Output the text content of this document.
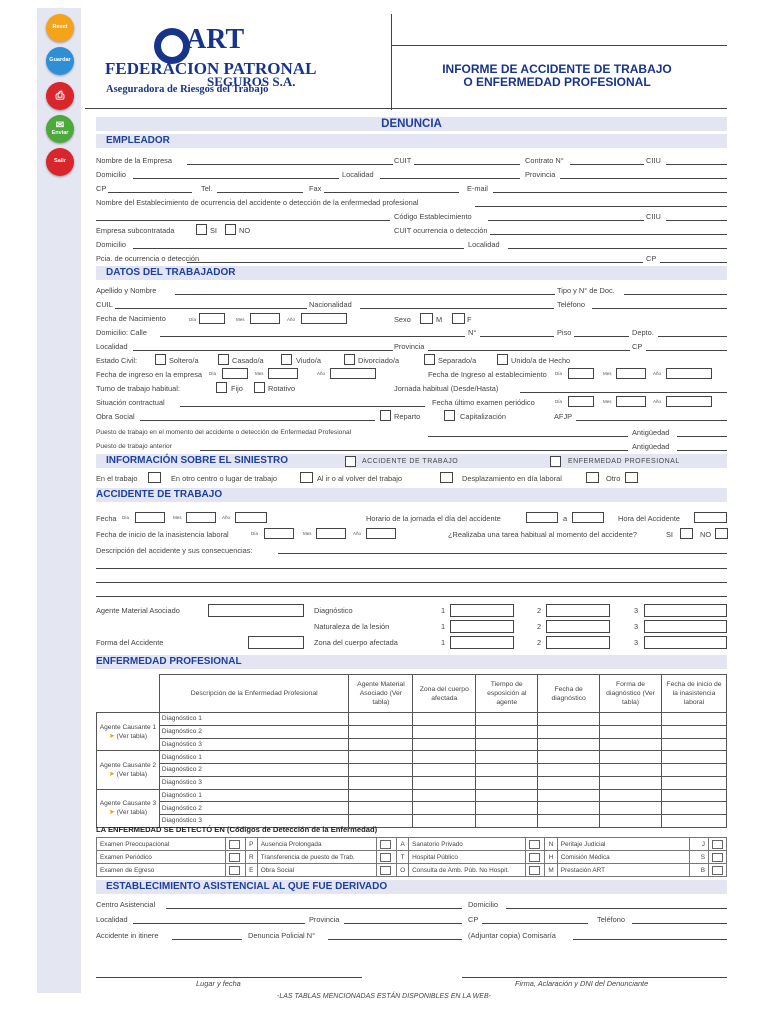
Reset
Guardar
⎙
✉
Enviar
Salir
ART
FEDERACION PATRONAL
SEGUROS S.A.
Aseguradora de Riesgos del Trabajo
INFORME DE ACCIDENTE DE TRABAJO
O ENFERMEDAD PROFESIONAL
DENUNCIA
EMPLEADOR
Nombre de la Empresa	CUIT	Contrato N°	CIIU
Domicilio	Localidad	Provincia
CP	Tel.	Fax	E-mail
Nombre del Establecimiento de ocurrencia del accidente o detección de la enfermedad profesional
Código Establecimiento	CIIU
Empresa subcontratada	SI	NO	CUIT ocurrencia o detección
Domicilio	Localidad
Pcia. de ocurrencia o detección	CP
DATOS DEL TRABAJADOR
Apellido y Nombre	Tipo y N° de Doc.
CUIL	Nacionalidad	Teléfono
Fecha de Nacimiento	Día	Mes	Año	Sexo	M	F
Domicilio: Calle	N°	Piso	Depto.
Localidad	Provincia	CP
Estado Civil:	Soltero/a	Casado/a	Viudo/a	Divorciado/a	Separado/a	Unido/a de Hecho
Fecha de ingreso en la empresa	Fecha de Ingreso al establecimiento
Turno de trabajo habitual:	Fijo	Rotativo	Jornada habitual (Desde/Hasta)
Situación contractual	Fecha último examen periódico
Obra Social	Reparto	Capitalización	AFJP
Puesto de trabajo en el momento del accidente o detección de Enfermedad Profesional	Antigüedad
Puesto de trabajo anterior	Antigüedad
INFORMACIÓN SOBRE EL SINIESTRO	ACCIDENTE DE TRABAJO	ENFERMEDAD PROFESIONAL
En el trabajo	En otro centro o lugar de trabajo	Al ir o al volver del trabajo	Desplazamiento en día laboral	Otro
ACCIDENTE DE TRABAJO
Fecha	Horario de la jornada el día del accidente	a	Hora del Accidente
Fecha de inicio de la inasistencia laboral	¿Realizaba una tarea habitual al momento del accidente?	SI	NO
Descripción del accidente y sus consecuencias:
Agente Material Asociado	Diagnóstico	1	2	3
Naturaleza de la lesión	1	2	3
Forma del Accidente	Zona del cuerpo afectada	1	2	3
ENFERMEDAD PROFESIONAL
	Descripción de la Enfermedad Profesional	Agente Material Asociado (Ver tabla)	Zona del cuerpo afectada	Tiempo de esposición al agente	Fecha de diagnóstico	Forma de diagnóstico (Ver tabla)	Fecha de inicio de la inasistencia laboral
Agente Causante 1
➤ (Ver tabla)	Diagnóstico 1						
	Diagnóstico 2						
	Diagnóstico 3						
Agente Causante 2
➤ (Ver tabla)	Diagnóstico 1						
	Diagnóstico 2						
	Diagnóstico 3						
Agente Causante 3
➤ (Ver tabla)	Diagnóstico 1						
	Diagnóstico 2						
	Diagnóstico 3						
LA ENFERMEDAD SE DETECTÓ EN (Códigos de Detección de la Enfermedad)
Examen Preocupacional		P	Ausencia Prolongada		A	Sanatorio Privado		N	Peritaje Judicial	J	
Examen Periódico		R	Transferencia de puesto de Trab.		T	Hospital Público		H	Comisión Médica	S	
Examen de Egreso		E	Obra Social		O	Consulta de Amb. Púb. No Hospit.		M	Prestación ART	B	
ESTABLECIMIENTO ASISTENCIAL AL QUE FUE DERIVADO
Centro Asistencial	Domicilio
Localidad	Provincia	CP	Teléfono
Accidente in itinere	Denuncia Policial N°	(Adjuntar copia) Comisaría
Lugar y fecha	Firma, Aclaración y DNI del Denunciante
-LAS TABLAS MENCIONADAS ESTÁN DISPONIBLES EN LA WEB-
Día	Mes	Año	Día	Mes	Año
Día	Mes	Año
Día	Mes	Año
Día	Mes	Año
